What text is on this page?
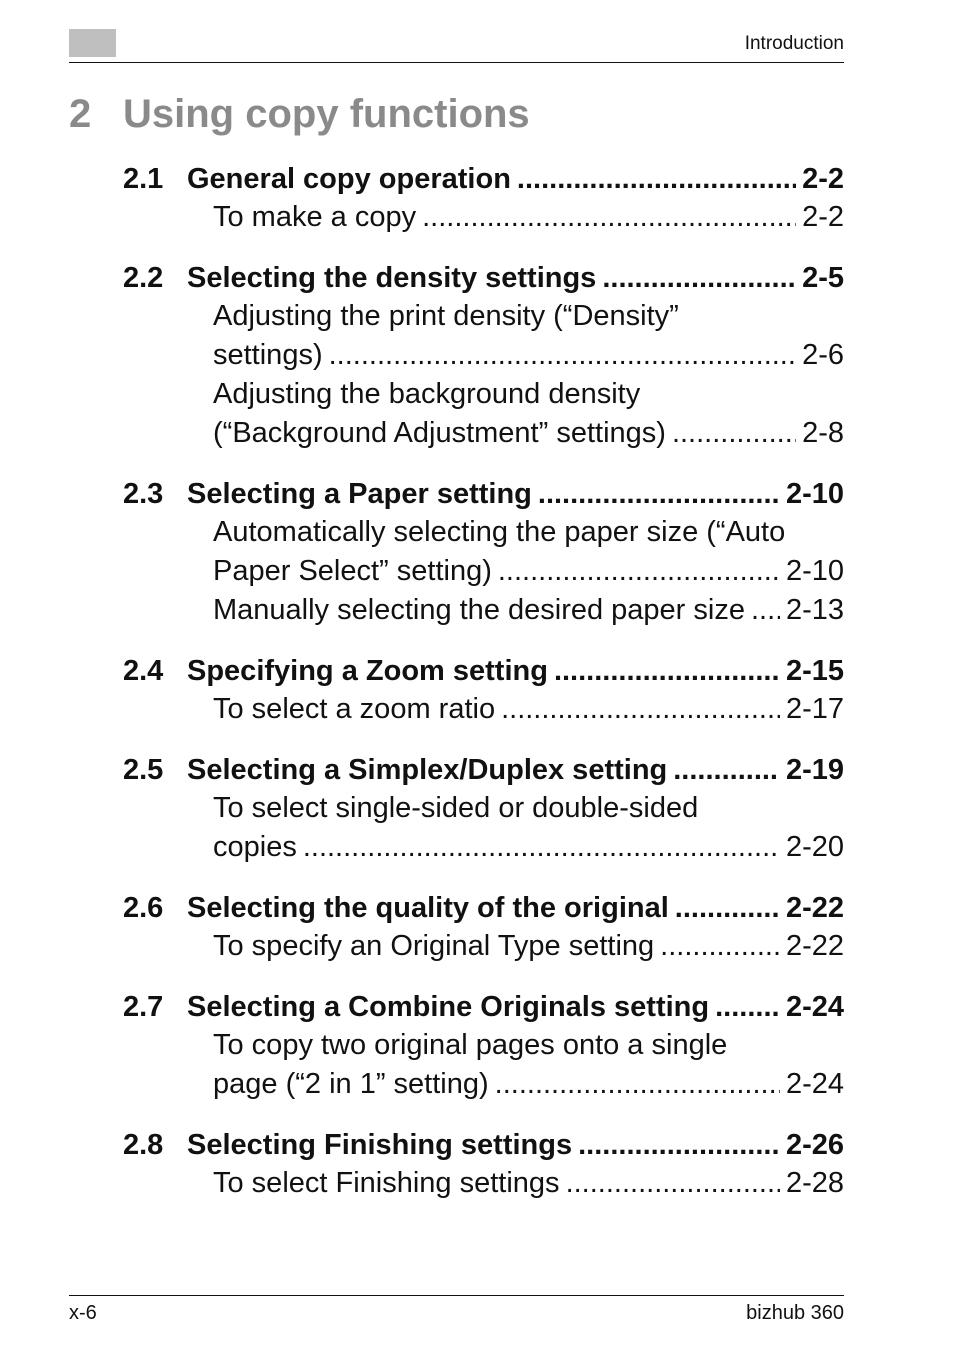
Introduction
2 Using copy functions
2.1 General copy operation .....	2-2
To make a copy .....	2-2
2.2 Selecting the density settings .....	2-5
Adjusting the print density (“Density”
settings) .....	2-6
Adjusting the background density
(“Background Adjustment” settings) .....	2-8
2.3 Selecting a Paper setting .....	2-10
Automatically selecting the paper size (“Auto
Paper Select” setting) .....	2-10
Manually selecting the desired paper size ..... 2-13
2.4 Specifying a Zoom setting .....	2-15
To select a zoom ratio .....	2-17
2.5 Selecting a Simplex/Duplex setting .....	2-19
To select single-sided or double-sided
copies .....	2-20
2.6 Selecting the quality of the original .....	2-22
To specify an Original Type setting .....	2-22
2.7 Selecting a Combine Originals setting .....	2-24
To copy two original pages onto a single
page (“2 in 1” setting) .....	2-24
2.8 Selecting Finishing settings .....	2-26
To select Finishing settings .....	2-28
x-6	bizhub 360
